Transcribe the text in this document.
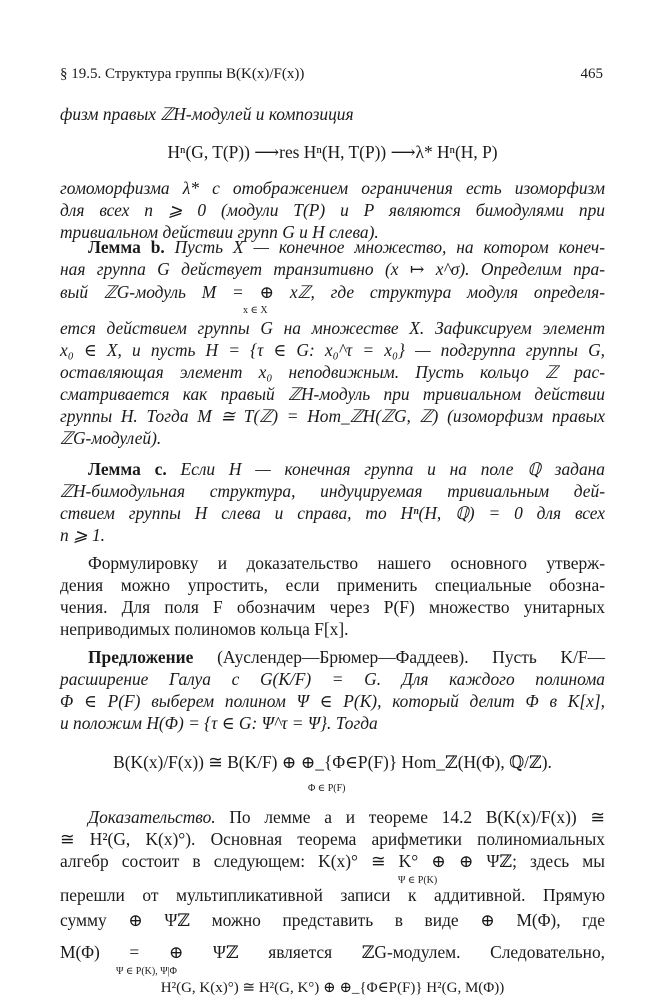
§ 19.5. Структура группы B(K(x)/F(x))	465
физм правых ℤH-модулей и композиция
Hⁿ(G, T(P)) ⟶res Hⁿ(H, T(P)) ⟶λ* Hⁿ(H, P)
гомоморфизма λ* с отображением ограничения есть изоморфизм
для всех n ⩾ 0 (модули T(P) и P являются бимодулями при
тривиальном действии групп G и H слева).
Лемма b. Пусть X — конечное множество, на котором конеч-
ная группа G действует транзитивно (x ↦ x^σ). Определим пра-
вый ℤG-модуль M = ⊕ xℤ, где структура модуля определя-
x ∈ X
ется действием группы G на множестве X. Зафиксируем элемент
x₀ ∈ X, и пусть H = {τ ∈ G: x₀^τ = x₀} — подгруппа группы G,
оставляющая элемент x₀ неподвижным. Пусть кольцо ℤ рас-
сматривается как правый ℤH-модуль при тривиальном действии
группы H. Тогда M ≅ T(ℤ) = Hom_ℤH(ℤG, ℤ) (изоморфизм правых
ℤG-модулей).
Лемма c. Если H — конечная группа и на поле ℚ задана
ℤH-бимодульная структура, индуцируемая тривиальным дей-
ствием группы H слева и справа, то Hⁿ(H, ℚ) = 0 для всех
n ⩾ 1.
Формулировку и доказательство нашего основного утверж-
дения можно упростить, если применить специальные обозна-
чения. Для поля F обозначим через P(F) множество унитарных
неприводимых полиномов кольца F[x].
Предложение (Ауслендер—Брюмер—Фаддеев). Пусть K/F—
расширение Галуа с G(K/F) = G. Для каждого полинома
Φ ∈ P(F) выберем полином Ψ ∈ P(K), который делит Φ в K[x],
и положим H(Φ) = {τ ∈ G: Ψ^τ = Ψ}. Тогда
B(K(x)/F(x)) ≅ B(K/F) ⊕ ⊕_{Φ∈P(F)} Hom_ℤ(H(Φ), ℚ/ℤ).
Φ ∈ P(F)
Доказательство. По лемме a и теореме 14.2 B(K(x)/F(x)) ≅
≅ H²(G, K(x)°). Основная теорема арифметики полиномиальных
алгебр состоит в следующем: K(x)° ≅ K° ⊕ ⊕ Ψℤ; здесь мы
Ψ ∈ P(K)
перешли от мультипликативной записи к аддитивной. Прямую
сумму ⊕ Ψℤ можно представить в виде ⊕ M(Φ), где
M(Φ) = ⊕ Ψℤ является ℤG-модулем. Следовательно,
Ψ ∈ P(K), Ψ|Φ
H²(G, K(x)°) ≅ H²(G, K°) ⊕ ⊕_{Φ∈P(F)} H²(G, M(Φ))
